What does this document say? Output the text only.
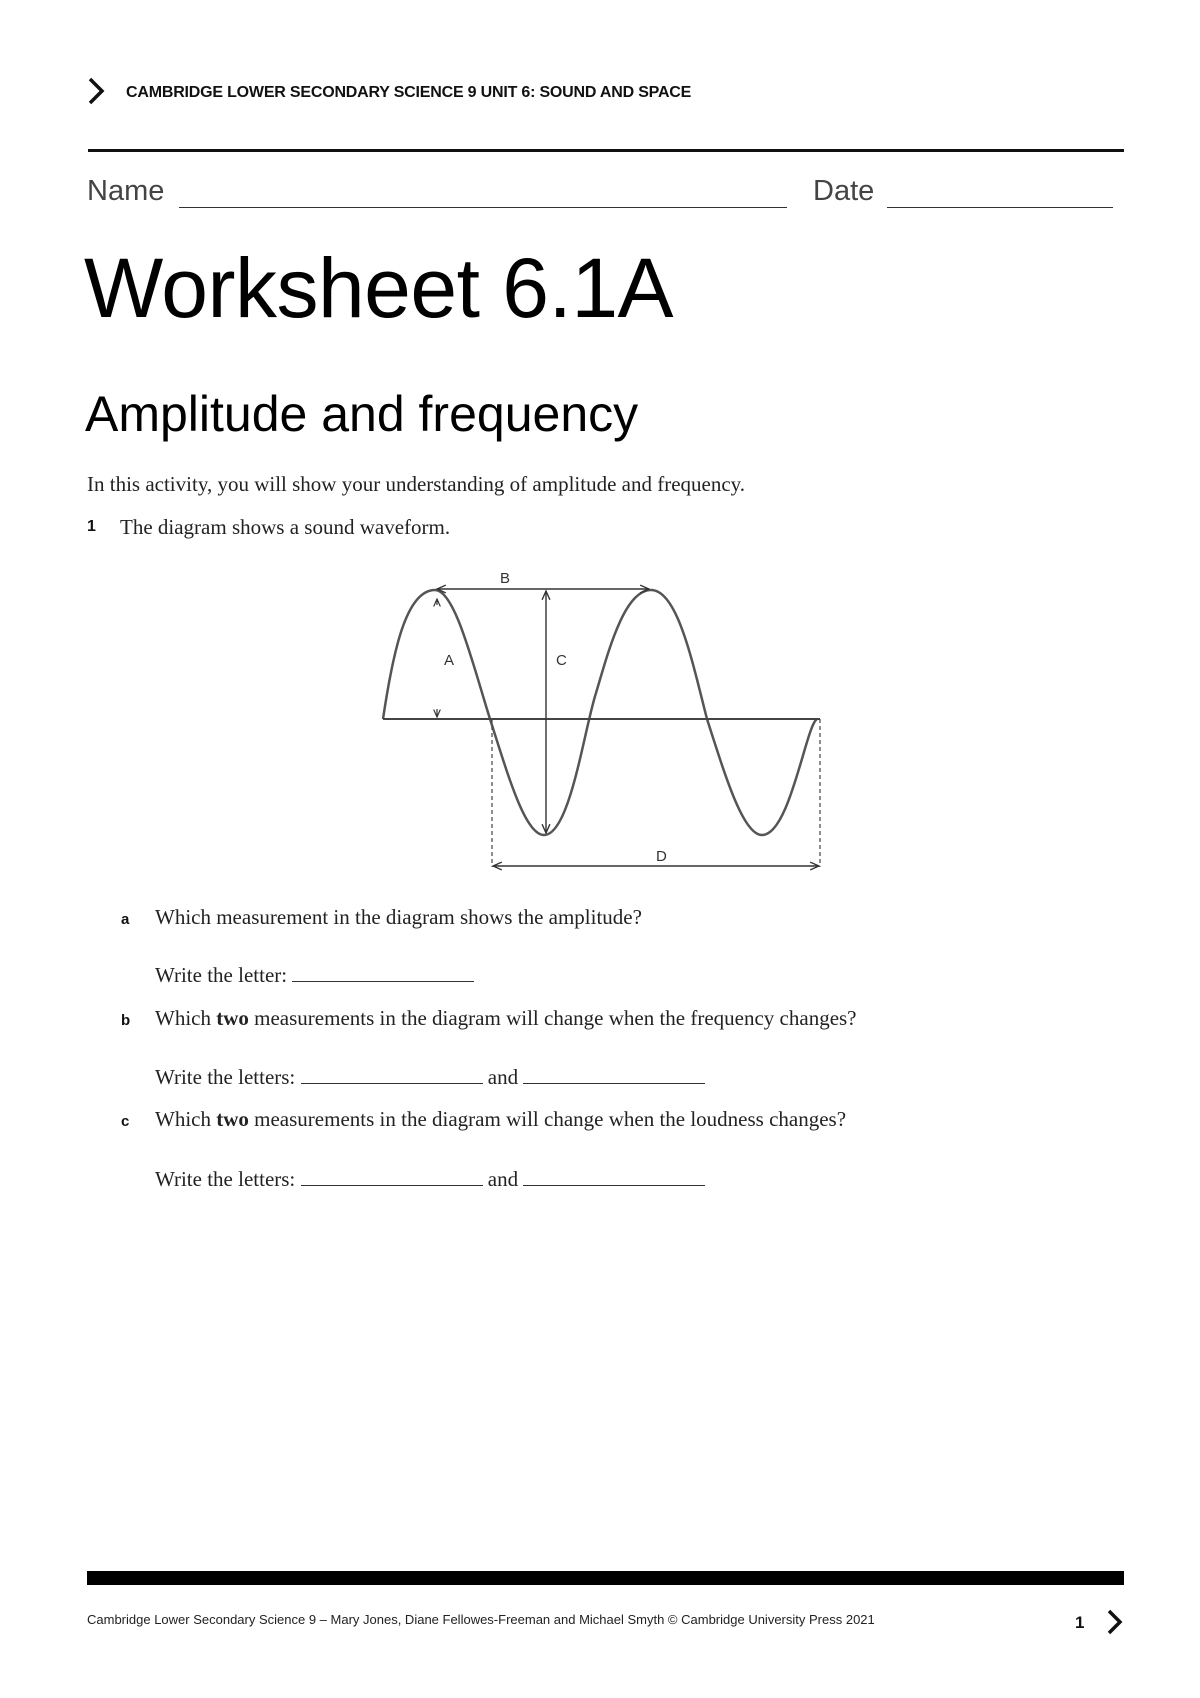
CAMBRIDGE LOWER SECONDARY SCIENCE 9 UNIT 6: SOUND AND SPACE
Name	Date
Worksheet 6.1A
Amplitude and frequency
In this activity, you will show your understanding of amplitude and frequency.
1 The diagram shows a sound waveform.
B
A	C
D
a Which measurement in the diagram shows the amplitude?
Write the letter:
b Which two measurements in the diagram will change when the frequency changes?
Write the letters:	and
c Which two measurements in the diagram will change when the loudness changes?
Write the letters:	and
Cambridge Lower Secondary Science 9 – Mary Jones, Diane Fellowes-Freeman and Michael Smyth © Cambridge University Press 2021	1
